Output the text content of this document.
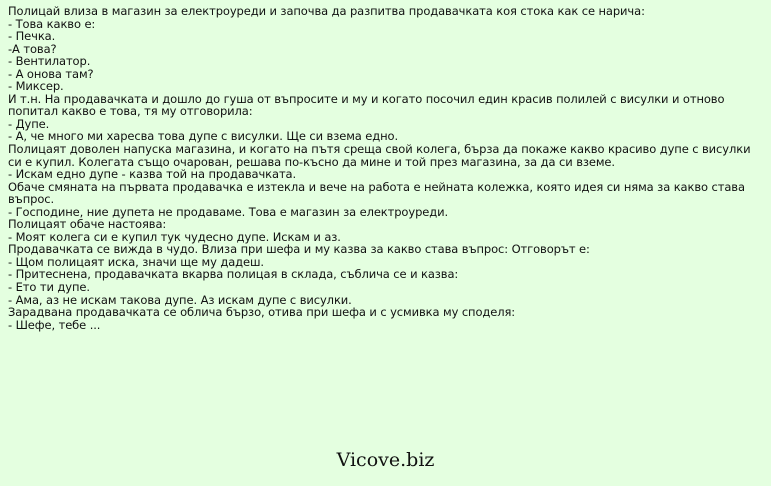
Полицай влиза в магазин за електроуреди и започва да разпитва продавачката коя стока как се нарича:
- Това какво е:
- Печка.
-А това?
- Вентилатор.
- А онова там?
- Миксер.
И т.н. На продавачката и дошло до гуша от въпросите и му и когато посочил един красив полилей с висулки и отново попитал какво е това, тя му отговорила:
- Дупе.
- А, че много ми харесва това дупе с висулки. Ще си взема едно.
Полицаят доволен напуска магазина, и когато на пътя среща свой колега, бърза да покаже какво красиво дупе с висулки си е купил. Колегата също очарован, решава по-късно да мине и той през магазина, за да си вземе.
- Искам едно дупе - казва той на продавачката.
Обаче смяната на първата продавачка е изтекла и вече на работа е нейната колежка, която идея си няма за какво става въпрос.
- Господине, ние дупета не продаваме. Това е магазин за електроуреди.
Полицаят обаче настоява:
- Моят колега си е купил тук чудесно дупе. Искам и аз.
Продавачката се вижда в чудо. Влиза при шефа и му казва за какво става въпрос: Отговорът е:
- Щом полицаят иска, значи ще му дадеш.
- Притеснена, продавачката вкарва полицая в склада, съблича се и казва:
- Ето ти дупе.
- Ама, аз не искам такова дупе. Аз искам дупе с висулки.
Зарадвана продавачката се облича бързо, отива при шефа и с усмивка му споделя:
- Шефе, тебе ...
Vicove.biz
